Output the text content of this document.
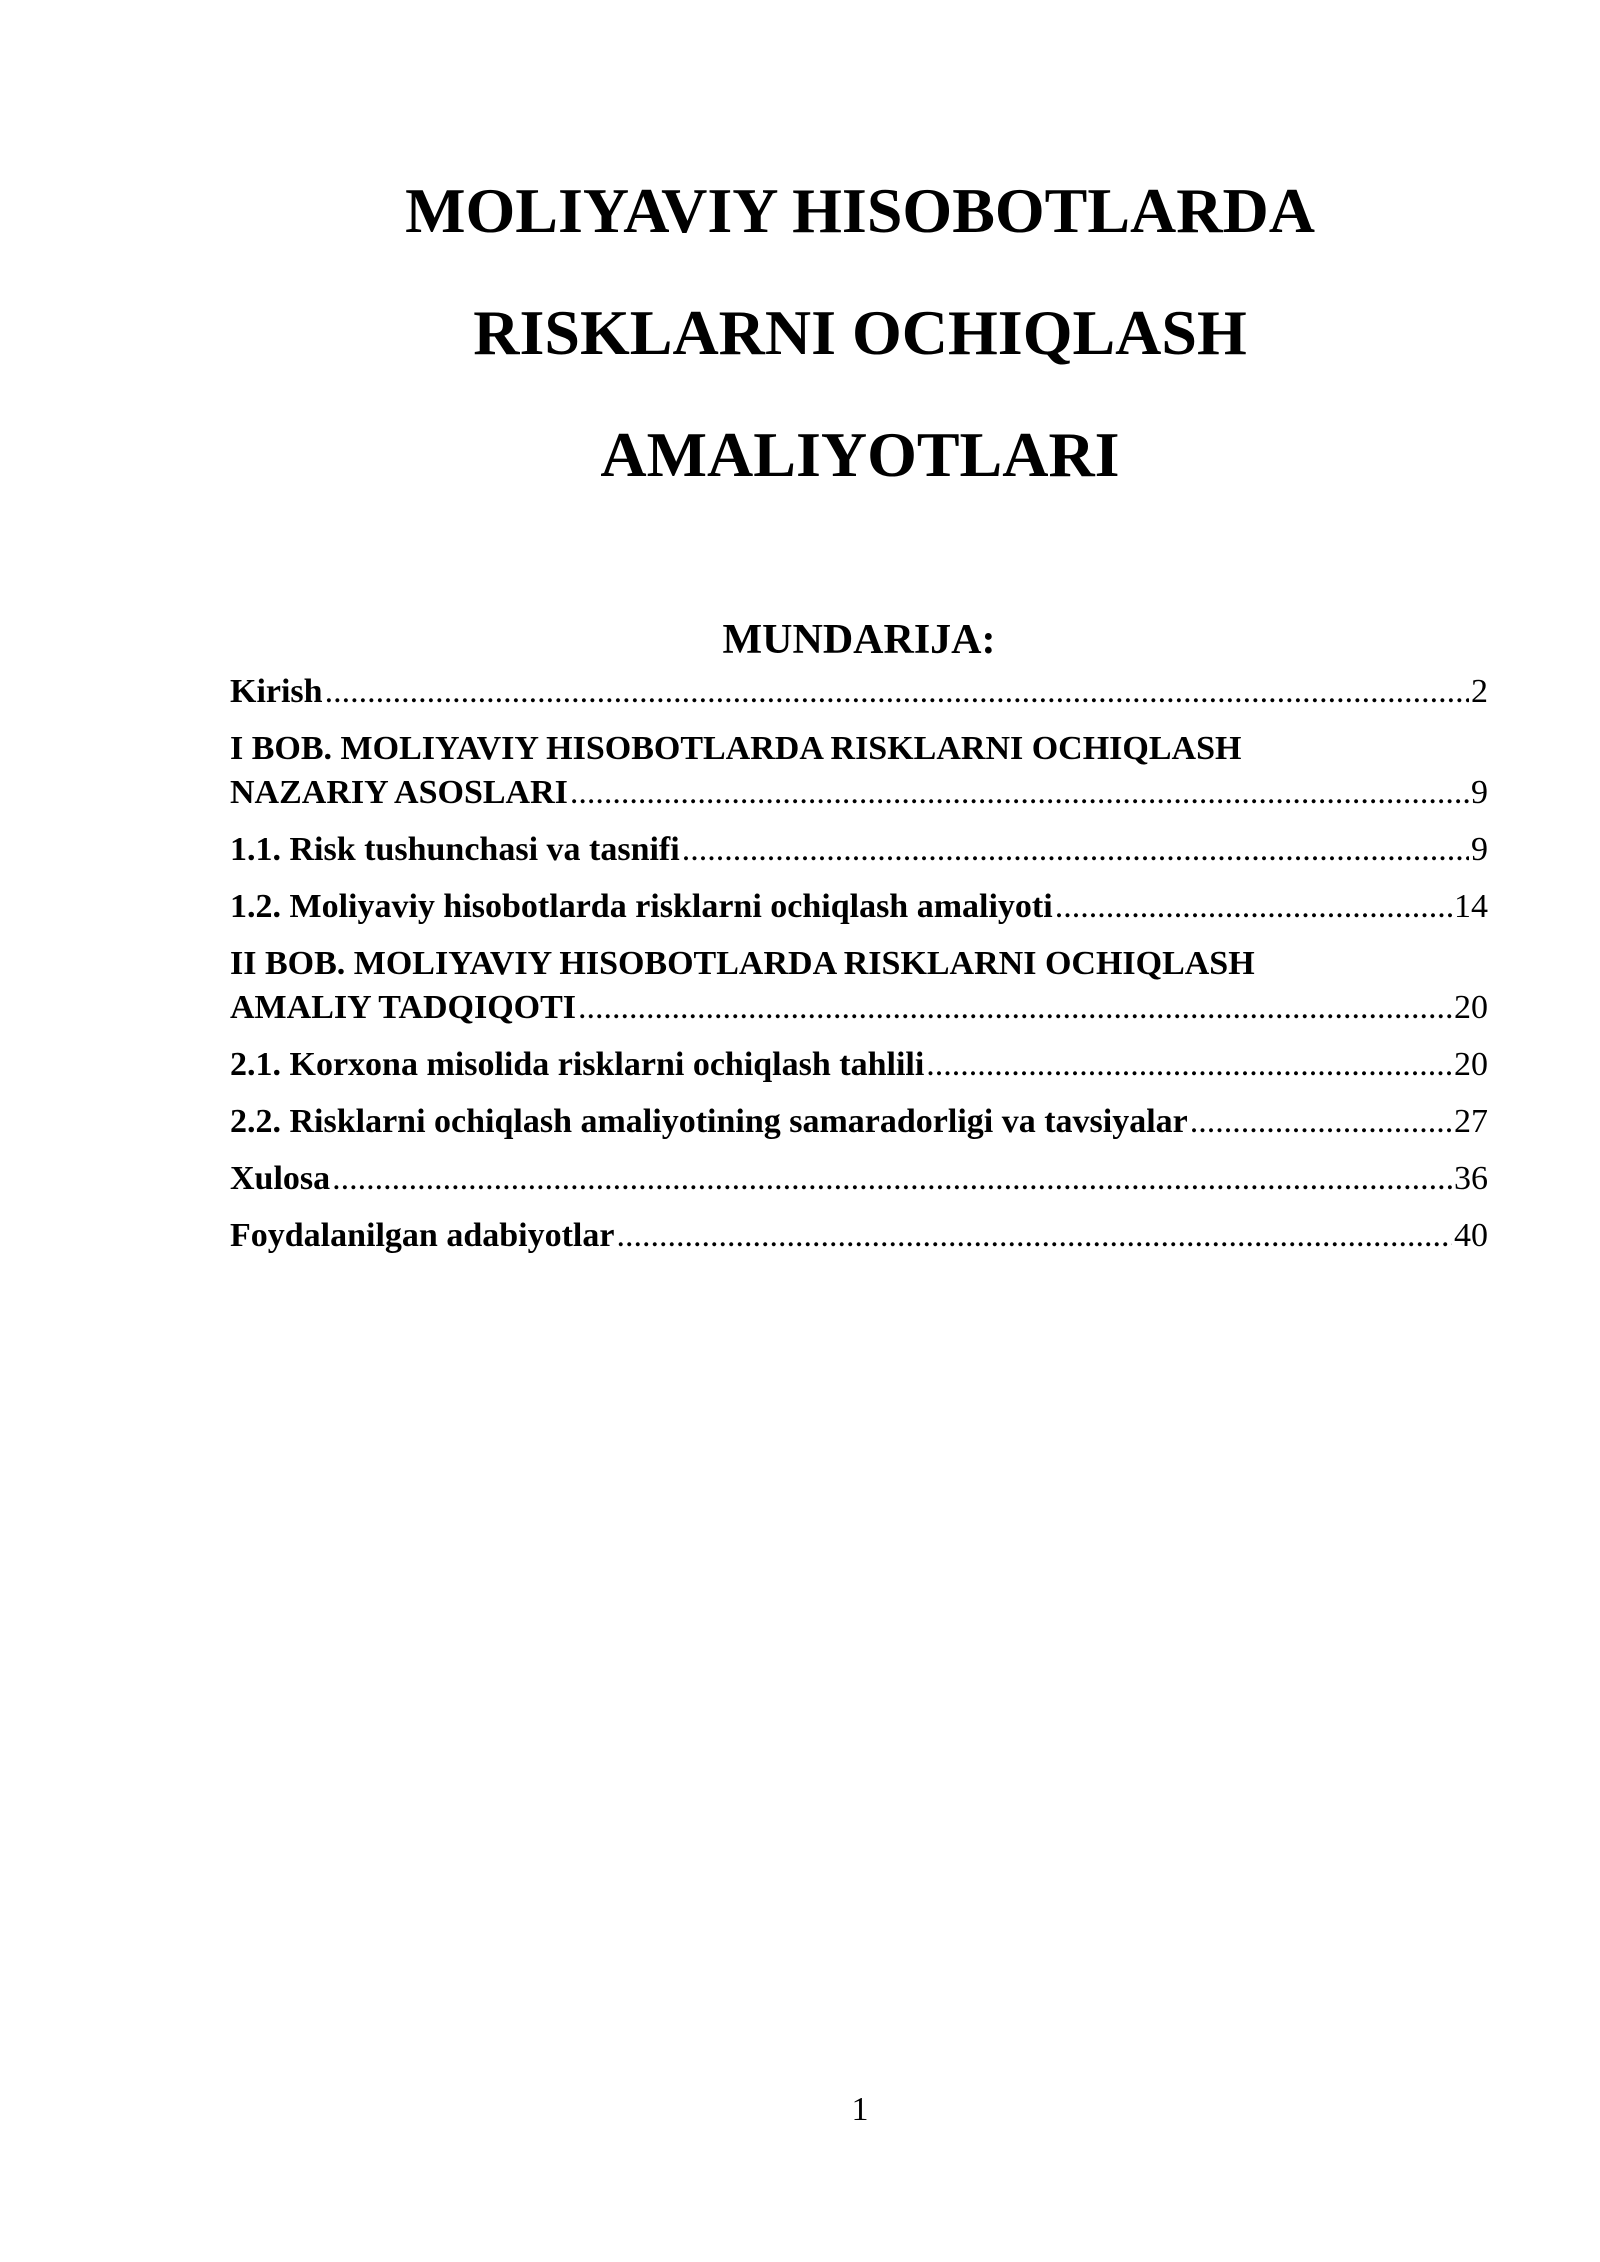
MOLIYAVIY HISOBOTLARDA
RISKLARNI OCHIQLASH
AMALIYOTLARI
MUNDARIJA:
Kirish .....	2
I BOB. MOLIYAVIY HISOBOTLARDA RISKLARNI OCHIQLASH
NAZARIY ASOSLARI .....	9
1.1. Risk tushunchasi va tasnifi .....	9
1.2. Moliyaviy hisobotlarda risklarni ochiqlash amaliyoti .....	14
II BOB. MOLIYAVIY HISOBOTLARDA RISKLARNI OCHIQLASH
AMALIY TADQIQOTI .....	20
2.1. Korxona misolida risklarni ochiqlash tahlili .....	20
2.2. Risklarni ochiqlash amaliyotining samaradorligi va tavsiyalar .....	27
Xulosa .....	36
Foydalanilgan adabiyotlar .....	40
1
